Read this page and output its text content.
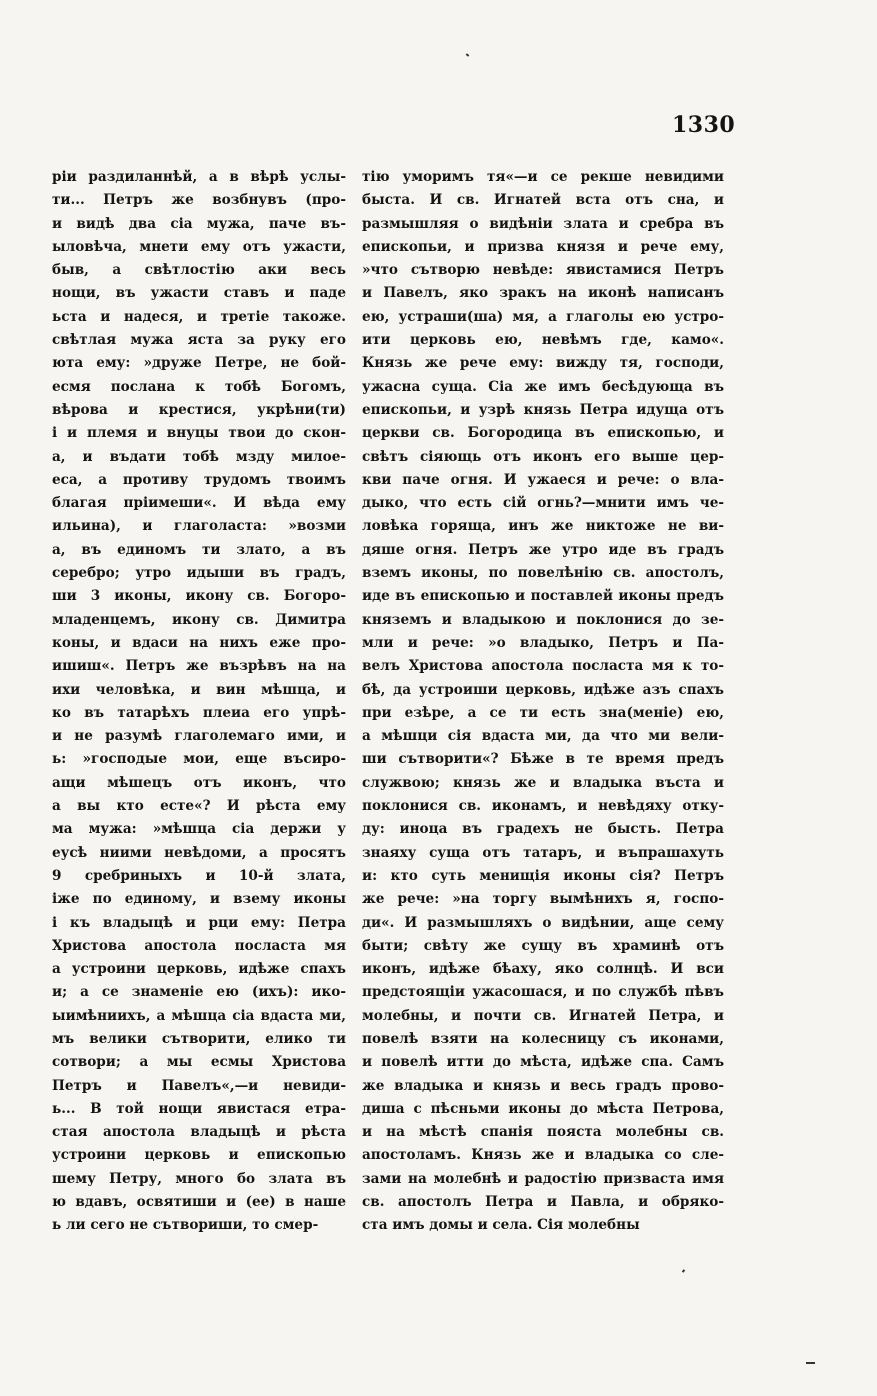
1330
ріи раздиланнѣй, а в вѣрѣ услы-
ти... Петръ же возбнувъ (про-
и видѣ два сіа мужа, паче въ-
ыловѣча, мнети ему отъ ужасти,
быв, а свѣтлостію аки весь
нощи, въ ужасти ставъ и паде
ьста и надеся, и третіе такоже.
свѣтлая мужа яста за руку его
юта ему: »друже Петре, не бой-
есмя послана к тобѣ Богомъ,
вѣрова и крестися, укрѣни(ти)
і и племя и внуцы твои до скон-
а, и въдати тобѣ мзду милое-
еса, а противу трудомъ твоимъ
благая пріимеши«. И вѣда ему
ильина), и глаголаста: »возми
а, въ единомъ ти злато, а въ
серебро; утро идыши въ градъ,
ши 3 иконы, икону св. Богоро-
младенцемъ, икону св. Димитра
коны, и вдаси на нихъ еже про-
ишиш«. Петръ же възрѣвъ на на
ихи человѣка, и вин мѣшца, и
ко въ татарѣхъ плеиа его упрѣ-
и не разумѣ глаголемаго ими, и
ь: »господые мои, еще въсиро-
ащи мѣшецъ отъ иконъ, что
а вы кто есте«? И рѣста ему
ма мужа: »мѣшца сіа держи у
еусѣ ниими невѣдоми, а просятъ
9 сребриныхъ и 10-й злата,
іже по единому, и взему иконы
і къ владыцѣ и рци ему: Петра
Христова апостола посласта мя
а устроини церковь, идѣже спахъ
и; а се знаменіе ею (ихъ): ико-
ыимѣниихъ, а мѣшца сіа вдаста ми,
мъ велики сътворити, елико ти
сотвори; а мы есмы Христова
Петръ и Павелъ«,—и невиди-
ь... В той нощи явистася етра-
стая апостола владыцѣ и рѣста
устроини церковь и епископью
шему Петру, много бо злата въ
ю вдавъ, освятиши и (ее) в наше
ь ли сего не сътвориши, то смер-
тію уморимъ тя«—и се рекше невидими
быста. И св. Игнатей вста отъ сна, и
размышляя о видѣніи злата и сребра въ
епископьи, и призва князя и рече ему,
»что сътворю невѣде: явистамися Петръ
и Павелъ, яко зракъ на иконѣ написанъ
ею, устраши(ша) мя, а глаголы ею устро-
ити церковь ею, невѣмъ где, камо«.
Князь же рече ему: вижду тя, господи,
ужасна суща. Сіа же имъ бесѣдующа въ
епископьи, и узрѣ князь Петра идуща отъ
церкви св. Богородица въ епископью, и
свѣтъ сіяющь отъ иконъ его выше цер-
кви паче огня. И ужаеся и рече: о вла-
дыко, что есть сій огнь?—мнити имъ че-
ловѣка горяща, инъ же никтоже не ви-
дяше огня. Петръ же утро иде въ градъ
вземъ иконы, по повелѣнію св. апостолъ,
иде въ епископью и поставлей иконы предъ
княземъ и владыкою и поклонися до зе-
мли и рече: »о владыко, Петръ и Па-
велъ Христова апостола посласта мя к то-
бѣ, да устроиши церковь, идѣже азъ спахъ
при езѣре, а се ти есть зна(меніе) ею,
а мѣшци сія вдаста ми, да что ми вели-
ши сътворити«? Бѣже в те время предъ
служвою; князь же и владыка въста и
поклонися св. иконамъ, и невѣдяху отку-
ду: иноца въ градехъ не бысть. Петра
знаяху суща отъ татаръ, и въпрашахуть
и: кто суть менищія иконы сія? Петръ
же рече: »на торгу вымѣнихъ я, госпо-
ди«. И размышляхъ о видѣнии, аще сему
быти; свѣту же сущу въ храминѣ отъ
иконъ, идѣже бѣаху, яко солнцѣ. И вси
предстоящіи ужасошася, и по службѣ пѣвъ
молебны, и почти св. Игнатей Петра, и
повелѣ взяти на колесницу съ иконами,
и повелѣ итти до мѣста, идѣже спа. Самъ
же владыка и князь и весь градъ прово-
диша с пѣсньми иконы до мѣста Петрова,
и на мѣстѣ спанія пояста молебны св.
апостоламъ. Князь же и владыка со сле-
зами на молебнѣ и радостію призваста имя
св. апостолъ Петра и Павла, и обряко-
ста имъ домы и села. Сія молебны
